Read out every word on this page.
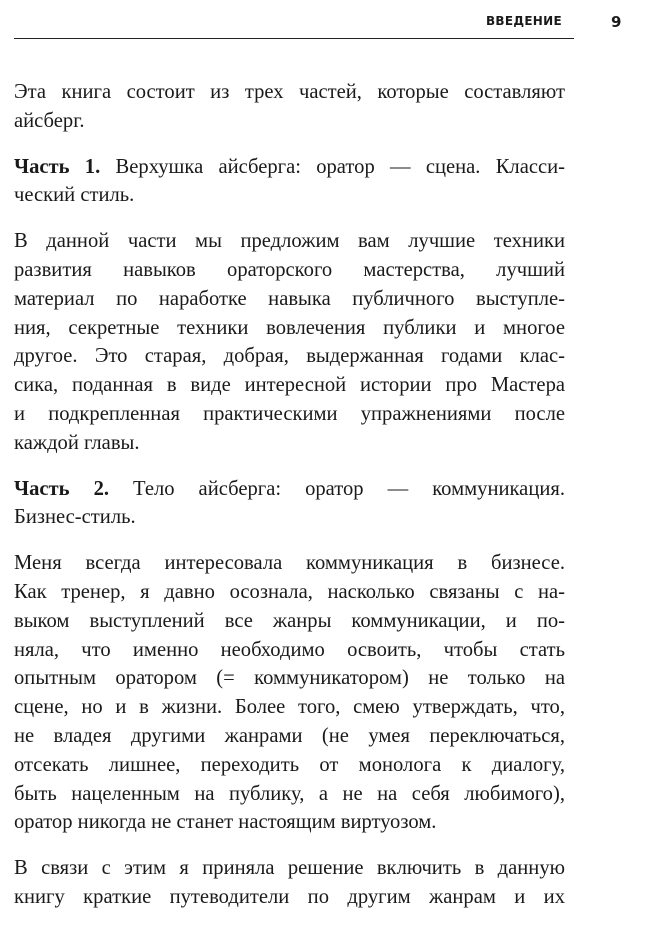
ВВЕДЕНИЕ	9

Эта книга состоит из трех частей, которые составляют
айсберг.

Часть 1. Верхушка айсберга: оратор — сцена. Класси-
ческий стиль.

В данной части мы предложим вам лучшие техники
развития навыков ораторского мастерства, лучший
материал по наработке навыка публичного выступле-
ния, секретные техники вовлечения публики и многое
другое. Это старая, добрая, выдержанная годами клас-
сика, поданная в виде интересной истории про Мастера
и подкрепленная практическими упражнениями после
каждой главы.

Часть 2. Тело айсберга: оратор — коммуникация.
Бизнес-стиль.

Меня всегда интересовала коммуникация в бизнесе.
Как тренер, я давно осознала, насколько связаны с на-
выком выступлений все жанры коммуникации, и по-
няла, что именно необходимо освоить, чтобы стать
опытным оратором (= коммуникатором) не только на
сцене, но и в жизни. Более того, смею утверждать, что,
не владея другими жанрами (не умея переключаться,
отсекать лишнее, переходить от монолога к диалогу,
быть нацеленным на публику, а не на себя любимого),
оратор никогда не станет настоящим виртуозом.

В связи с этим я приняла решение включить в данную
книгу краткие путеводители по другим жанрам и их
